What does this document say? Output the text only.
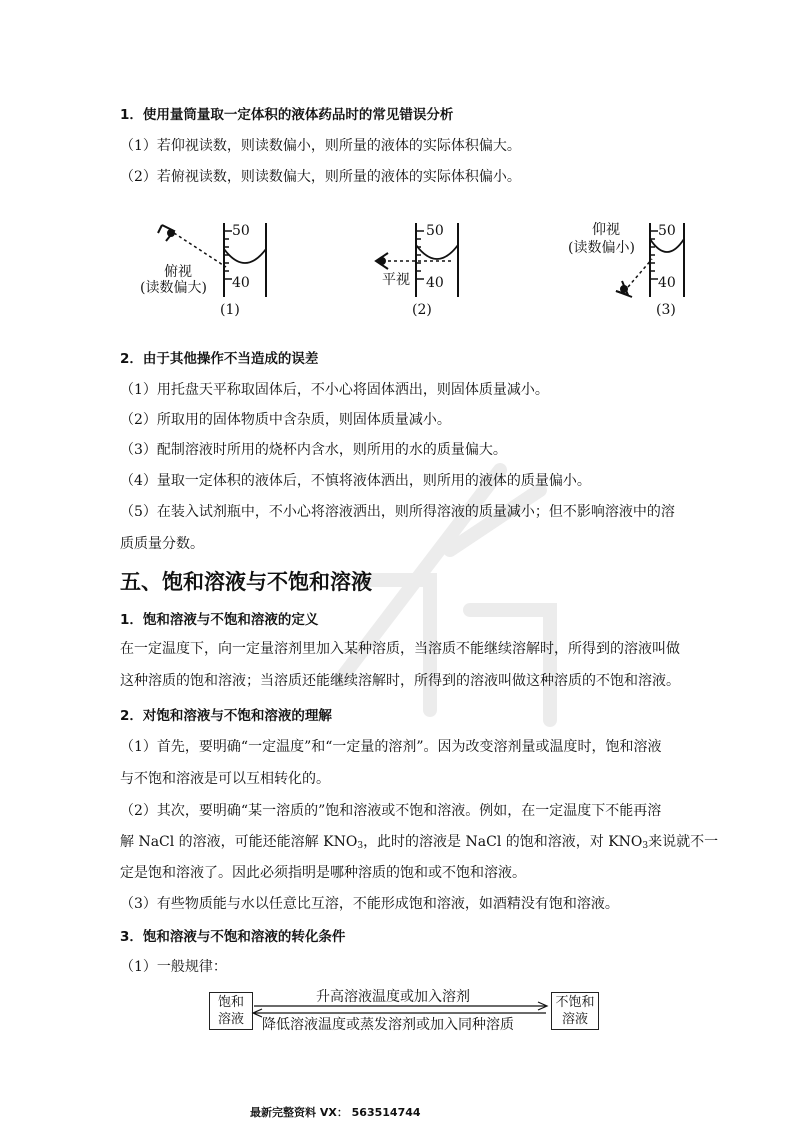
1．使用量筒量取一定体积的液体药品时的常见错误分析
（1）若仰视读数，则读数偏小，则所量的液体的实际体积偏大。
（2）若俯视读数，则读数偏大，则所量的液体的实际体积偏小。
50
40
俯视
(读数偏大)
(1)
50
40
平视
(2)
50
40
仰视
(读数偏小)
(3)
2．由于其他操作不当造成的误差
（1）用托盘天平称取固体后，不小心将固体洒出，则固体质量减小。
（2）所取用的固体物质中含杂质，则固体质量减小。
（3）配制溶液时所用的烧杯内含水，则所用的水的质量偏大。
（4）量取一定体积的液体后，不慎将液体洒出，则所用的液体的质量偏小。
（5）在装入试剂瓶中，不小心将溶液洒出，则所得溶液的质量减小；但不影响溶液中的溶
质质量分数。
五、饱和溶液与不饱和溶液
1．饱和溶液与不饱和溶液的定义
在一定温度下，向一定量溶剂里加入某种溶质，当溶质不能继续溶解时，所得到的溶液叫做
这种溶质的饱和溶液；当溶质还能继续溶解时，所得到的溶液叫做这种溶质的不饱和溶液。
2．对饱和溶液与不饱和溶液的理解
（1）首先，要明确“一定温度”和“一定量的溶剂”。因为改变溶剂量或温度时，饱和溶液
与不饱和溶液是可以互相转化的。
（2）其次，要明确“某一溶质的”饱和溶液或不饱和溶液。例如，在一定温度下不能再溶
解 NaCl 的溶液，可能还能溶解 $KNO_3$，此时的溶液是 NaCl 的饱和溶液，对 $KNO_3$来说就不一
定是饱和溶液了。因此必须指明是哪种溶质的饱和或不饱和溶液。
（3）有些物质能与水以任意比互溶，不能形成饱和溶液，如酒精没有饱和溶液。
3．饱和溶液与不饱和溶液的转化条件
（1）一般规律：
饱和
溶液
不饱和
溶液
升高溶液温度或加入溶剂
降低溶液温度或蒸发溶剂或加入同种溶质
最新完整资料 VX： 563514744
